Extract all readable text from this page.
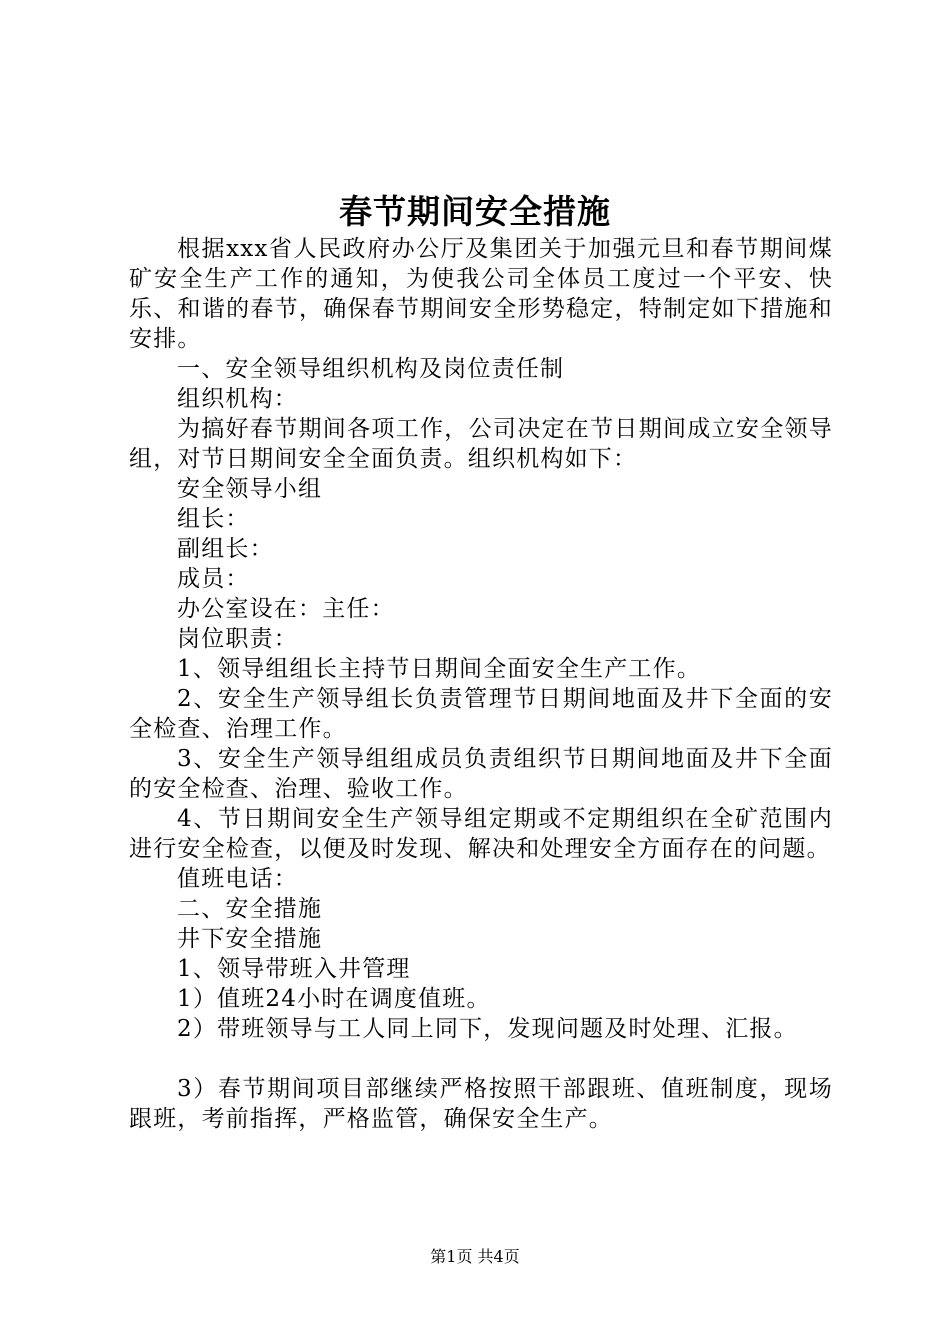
春节期间安全措施

根据xxx省人民政府办公厅及集团关于加强元旦和春节期间煤矿安全生产工作的通知，为使我公司全体员工度过一个平安、快乐、和谐的春节，确保春节期间安全形势稳定，特制定如下措施和安排。

一、安全领导组织机构及岗位责任制

组织机构：

为搞好春节期间各项工作，公司决定在节日期间成立安全领导组，对节日期间安全全面负责。组织机构如下：

安全领导小组

组长：

副组长：

成员：

办公室设在：主任：

岗位职责：

1、领导组组长主持节日期间全面安全生产工作。

2、安全生产领导组长负责管理节日期间地面及井下全面的安全检查、治理工作。

3、安全生产领导组组成员负责组织节日期间地面及井下全面的安全检查、治理、验收工作。

4、节日期间安全生产领导组定期或不定期组织在全矿范围内进行安全检查，以便及时发现、解决和处理安全方面存在的问题。

值班电话：

二、安全措施

井下安全措施

1、领导带班入井管理

1）值班24小时在调度值班。

2）带班领导与工人同上同下，发现问题及时处理、汇报。

3）春节期间项目部继续严格按照干部跟班、值班制度，现场跟班，考前指挥，严格监管，确保安全生产。

第1页 共4页
